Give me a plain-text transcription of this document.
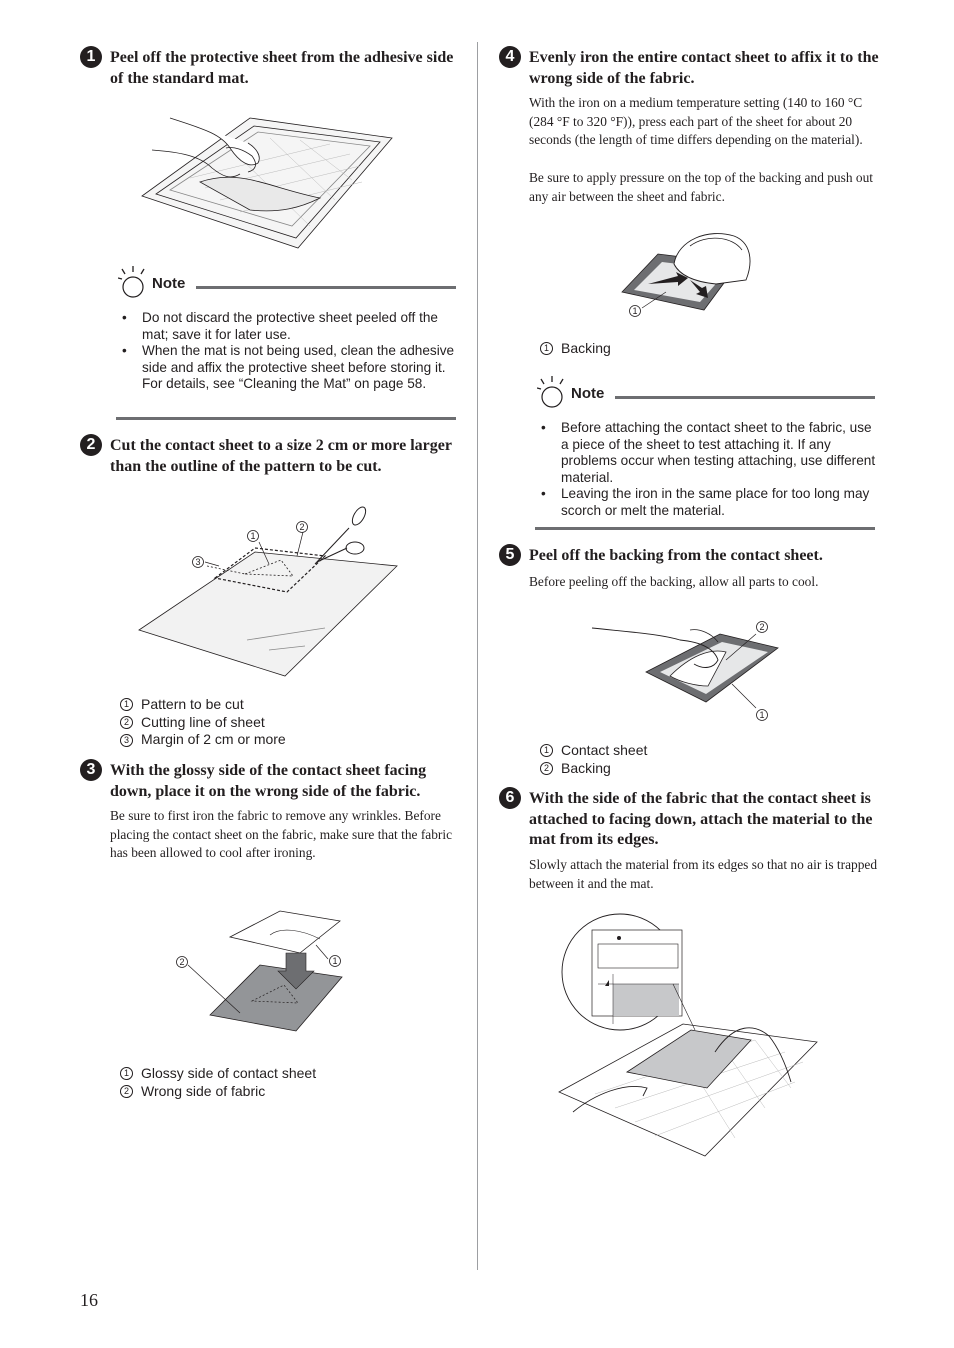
1 Peel off the protective sheet from the adhesive side of the standard mat.
Note
• Do not discard the protective sheet peeled off the mat; save it for later use.
• When the mat is not being used, clean the adhesive side and affix the protective sheet before storing it. For details, see “Cleaning the Mat” on page 58.
2 Cut the contact sheet to a size 2 cm or more larger than the outline of the pattern to be cut.
1
2
3
1 Pattern to be cut
2 Cutting line of sheet
3 Margin of 2 cm or more
3 With the glossy side of the contact sheet facing down, place it on the wrong side of the fabric.
Be sure to first iron the fabric to remove any wrinkles. Before placing the contact sheet on the fabric, make sure that the fabric has been allowed to cool after ironing.
2	1
1 Glossy side of contact sheet
2 Wrong side of fabric
4 Evenly iron the entire contact sheet to affix it to the wrong side of the fabric.
With the iron on a medium temperature setting (140 to 160 °C (284 °F to 320 °F)), press each part of the sheet for about 20 seconds (the length of time differs depending on the material).
Be sure to apply pressure on the top of the backing and push out any air between the sheet and fabric.
1
1 Backing
Note
• Before attaching the contact sheet to the fabric, use a piece of the sheet to test attaching it. If any problems occur when testing attaching, use different material.
• Leaving the iron in the same place for too long may scorch or melt the material.
5 Peel off the backing from the contact sheet.
Before peeling off the backing, allow all parts to cool.
1
2
1 Contact sheet
2 Backing
6 With the side of the fabric that the contact sheet is attached to facing down, attach the material to the mat from its edges.
Slowly attach the material from its edges so that no air is trapped between it and the mat.
16
